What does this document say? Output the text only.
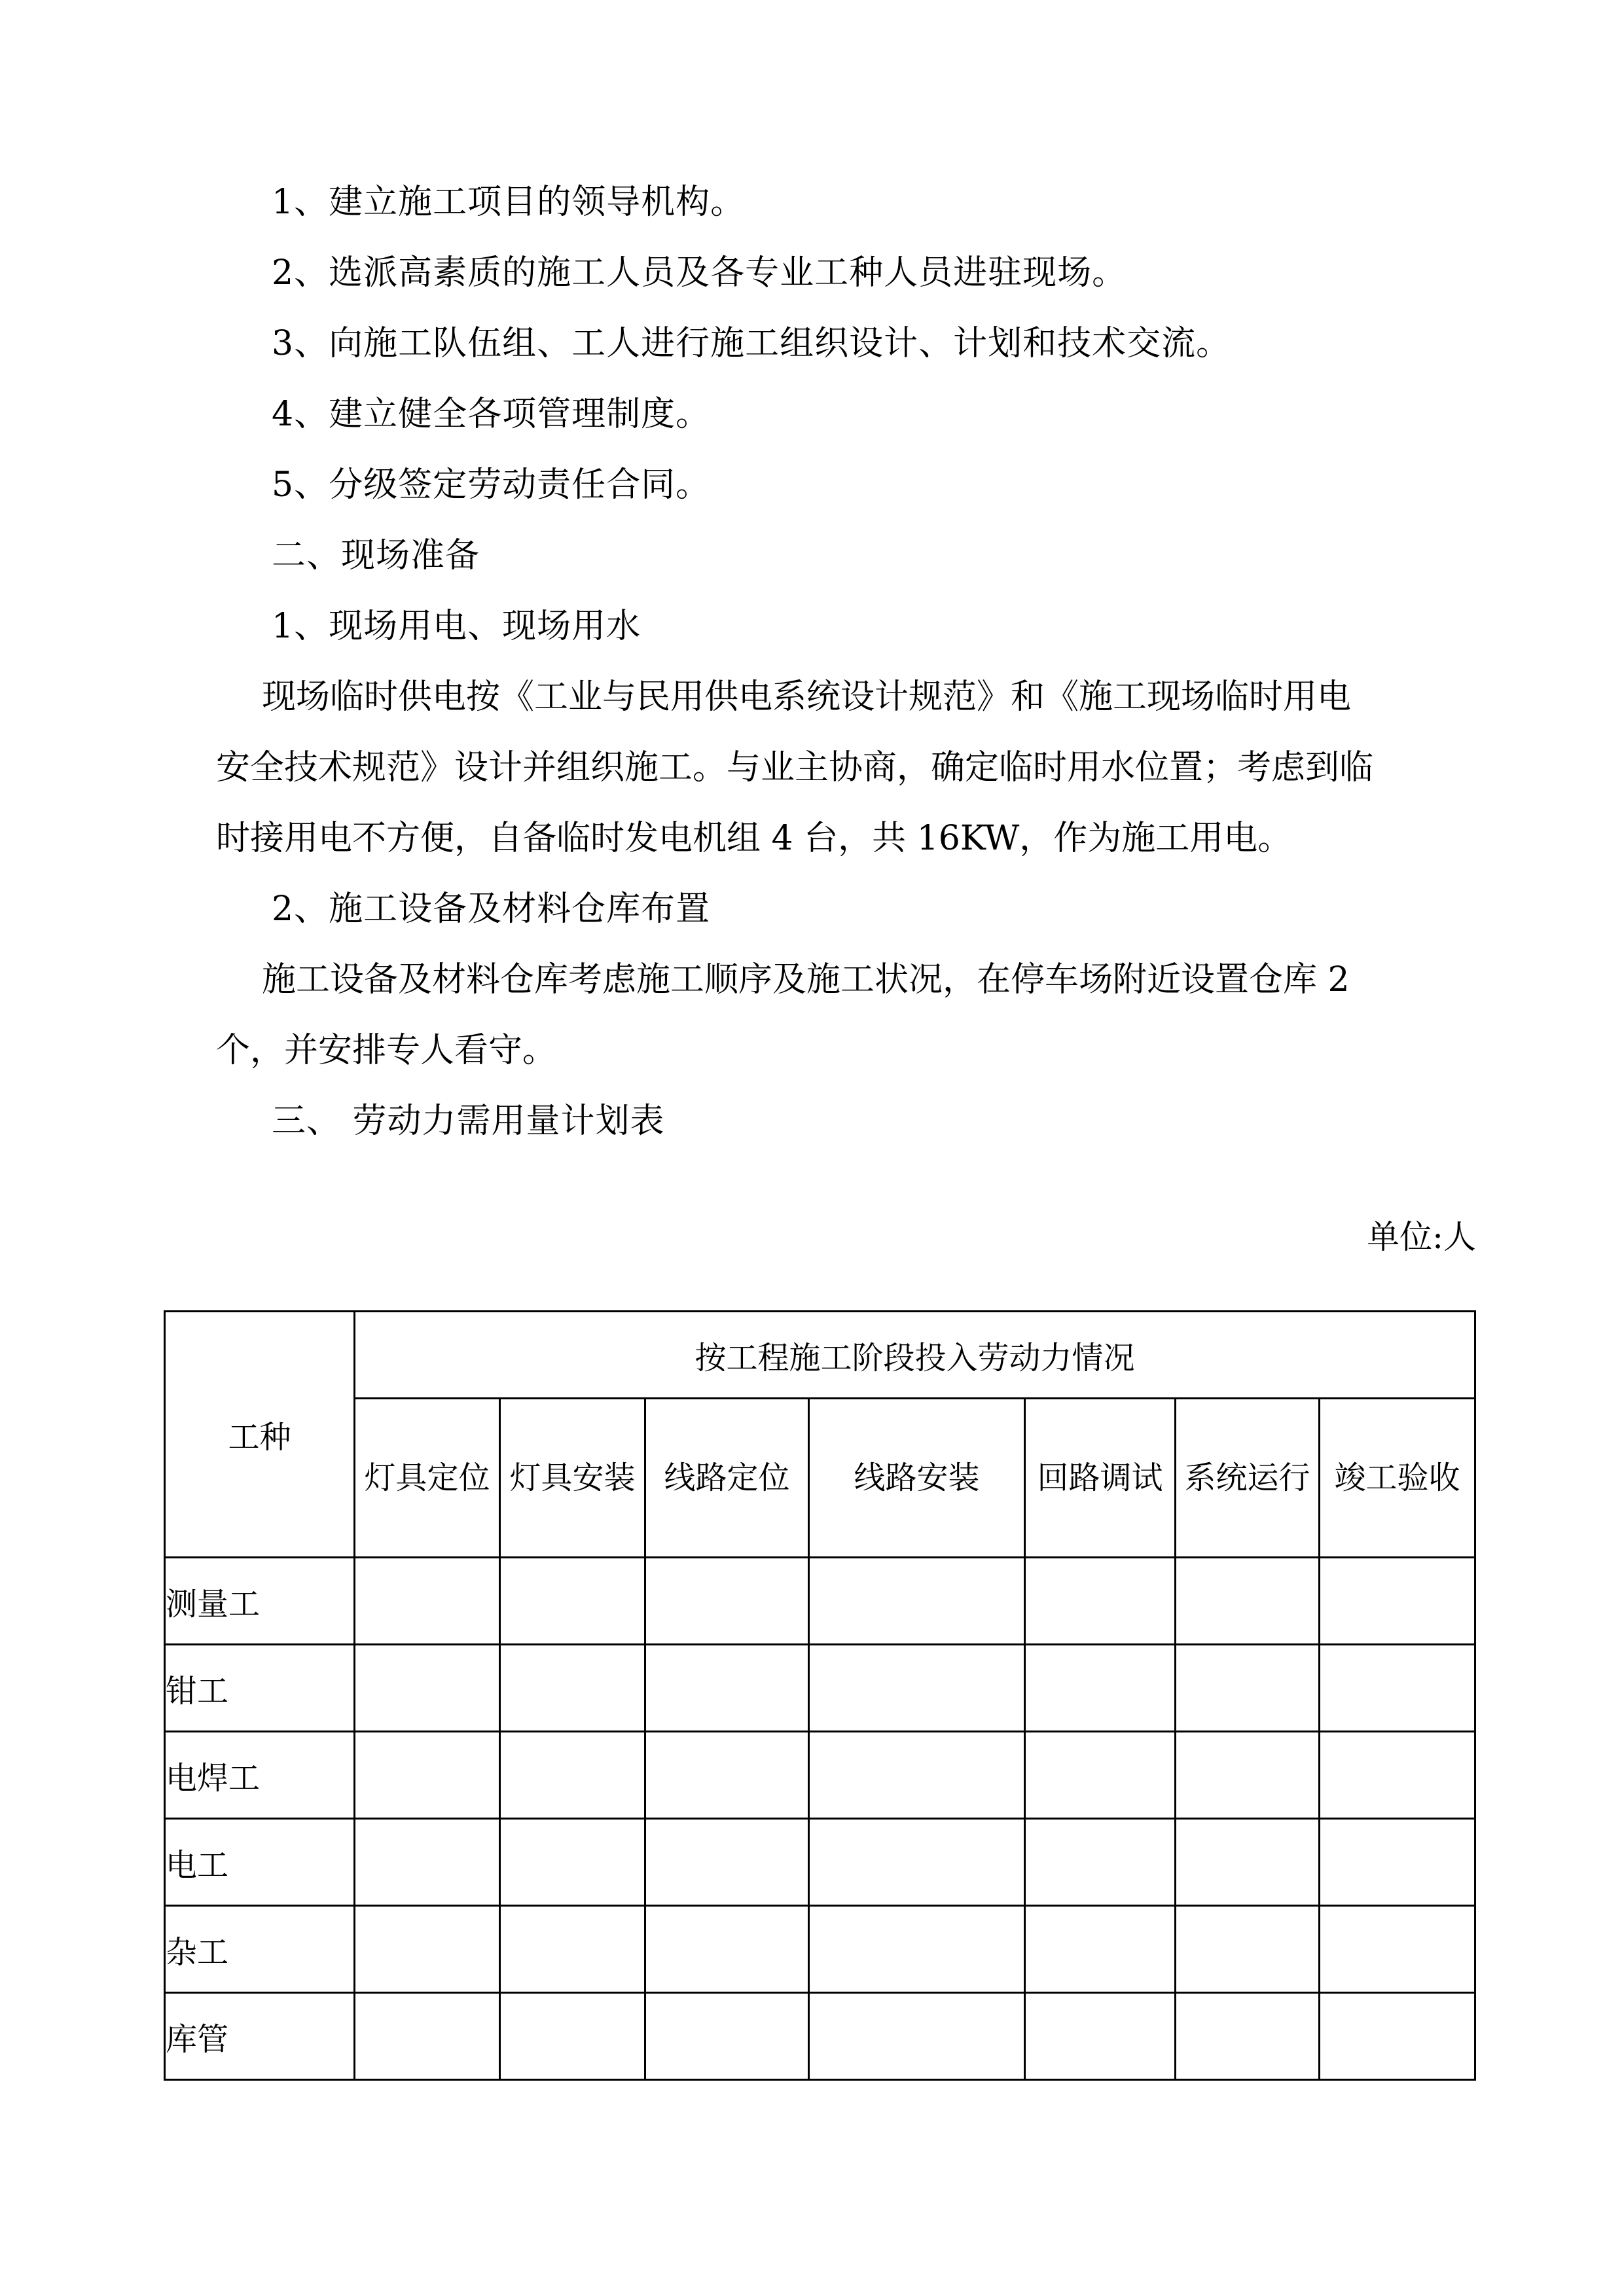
1、建立施工项目的领导机构。
2、选派高素质的施工人员及各专业工种人员进驻现场。
3、向施工队伍组、工人进行施工组织设计、计划和技术交流。
4、建立健全各项管理制度。
5、分级签定劳动责任合同。
二、现场准备
1、现场用电、现场用水
现场临时供电按《工业与民用供电系统设计规范》和《施工现场临时用电
安全技术规范》设计并组织施工。与业主协商，确定临时用水位置；考虑到临
时接用电不方便，自备临时发电机组 4 台，共 16KW，作为施工用电。
2、施工设备及材料仓库布置
施工设备及材料仓库考虑施工顺序及施工状况，在停车场附近设置仓库 2
个，并安排专人看守。
三、 劳动力需用量计划表
单位:人
工种	按工程施工阶段投入劳动力情况						
	灯具定位	灯具安装	线路定位	线路安装	回路调试	系统运行	竣工验收
测量工							
钳工							
电焊工							
电工							
杂工							
库管							
